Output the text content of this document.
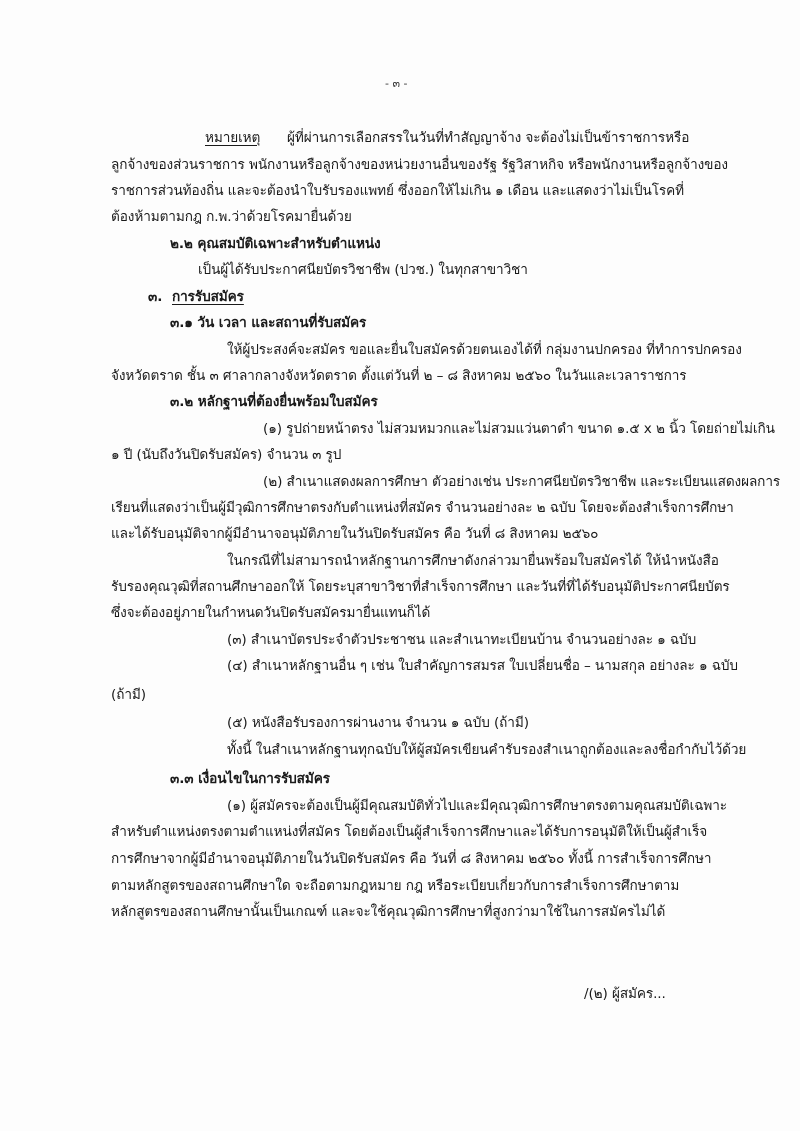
- ๓ -
หมายเหตุ ผู้ที่ผ่านการเลือกสรรในวันที่ทำสัญญาจ้าง จะต้องไม่เป็นข้าราชการหรือ
ลูกจ้างของส่วนราชการ พนักงานหรือลูกจ้างของหน่วยงานอื่นของรัฐ รัฐวิสาหกิจ หรือพนักงานหรือลูกจ้างของ
ราชการส่วนท้องถิ่น และจะต้องนำใบรับรองแพทย์ ซึ่งออกให้ไม่เกิน ๑ เดือน และแสดงว่าไม่เป็นโรคที่
ต้องห้ามตามกฎ ก.พ.ว่าด้วยโรคมายื่นด้วย
๒.๒ คุณสมบัติเฉพาะสำหรับตำแหน่ง
เป็นผู้ได้รับประกาศนียบัตรวิชาชีพ (ปวช.) ในทุกสาขาวิชา
๓. การรับสมัคร
๓.๑ วัน เวลา และสถานที่รับสมัคร
ให้ผู้ประสงค์จะสมัคร ขอและยื่นใบสมัครด้วยตนเองได้ที่ กลุ่มงานปกครอง ที่ทำการปกครอง
จังหวัดตราด ชั้น ๓ ศาลากลางจังหวัดตราด ตั้งแต่วันที่ ๒ – ๘ สิงหาคม ๒๕๖๐ ในวันและเวลาราชการ
๓.๒ หลักฐานที่ต้องยื่นพร้อมใบสมัคร
(๑) รูปถ่ายหน้าตรง ไม่สวมหมวกและไม่สวมแว่นตาดำ ขนาด ๑.๕ x ๒ นิ้ว โดยถ่ายไม่เกิน
๑ ปี (นับถึงวันปิดรับสมัคร) จำนวน ๓ รูป
(๒) สำเนาแสดงผลการศึกษา ตัวอย่างเช่น ประกาศนียบัตรวิชาชีพ และระเบียนแสดงผลการ
เรียนที่แสดงว่าเป็นผู้มีวุฒิการศึกษาตรงกับตำแหน่งที่สมัคร จำนวนอย่างละ ๒ ฉบับ โดยจะต้องสำเร็จการศึกษา
และได้รับอนุมัติจากผู้มีอำนาจอนุมัติภายในวันปิดรับสมัคร คือ วันที่ ๘ สิงหาคม ๒๕๖๐
ในกรณีที่ไม่สามารถนำหลักฐานการศึกษาดังกล่าวมายื่นพร้อมใบสมัครได้ ให้นำหนังสือ
รับรองคุณวุฒิที่สถานศึกษาออกให้ โดยระบุสาขาวิชาที่สำเร็จการศึกษา และวันที่ที่ได้รับอนุมัติประกาศนียบัตร
ซึ่งจะต้องอยู่ภายในกำหนดวันปิดรับสมัครมายื่นแทนก็ได้
(๓) สำเนาบัตรประจำตัวประชาชน และสำเนาทะเบียนบ้าน จำนวนอย่างละ ๑ ฉบับ
(๔) สำเนาหลักฐานอื่น ๆ เช่น ใบสำคัญการสมรส ใบเปลี่ยนชื่อ – นามสกุล อย่างละ ๑ ฉบับ
(ถ้ามี)
(๕) หนังสือรับรองการผ่านงาน จำนวน ๑ ฉบับ (ถ้ามี)
ทั้งนี้ ในสำเนาหลักฐานทุกฉบับให้ผู้สมัครเขียนคำรับรองสำเนาถูกต้องและลงชื่อกำกับไว้ด้วย
๓.๓ เงื่อนไขในการรับสมัคร
(๑) ผู้สมัครจะต้องเป็นผู้มีคุณสมบัติทั่วไปและมีคุณวุฒิการศึกษาตรงตามคุณสมบัติเฉพาะ
สำหรับตำแหน่งตรงตามตำแหน่งที่สมัคร โดยต้องเป็นผู้สำเร็จการศึกษาและได้รับการอนุมัติให้เป็นผู้สำเร็จ
การศึกษาจากผู้มีอำนาจอนุมัติภายในวันปิดรับสมัคร คือ วันที่ ๘ สิงหาคม ๒๕๖๐ ทั้งนี้ การสำเร็จการศึกษา
ตามหลักสูตรของสถานศึกษาใด จะถือตามกฎหมาย กฎ หรือระเบียบเกี่ยวกับการสำเร็จการศึกษาตาม
หลักสูตรของสถานศึกษานั้นเป็นเกณฑ์ และจะใช้คุณวุฒิการศึกษาที่สูงกว่ามาใช้ในการสมัครไม่ได้
/(๒) ผู้สมัคร...
